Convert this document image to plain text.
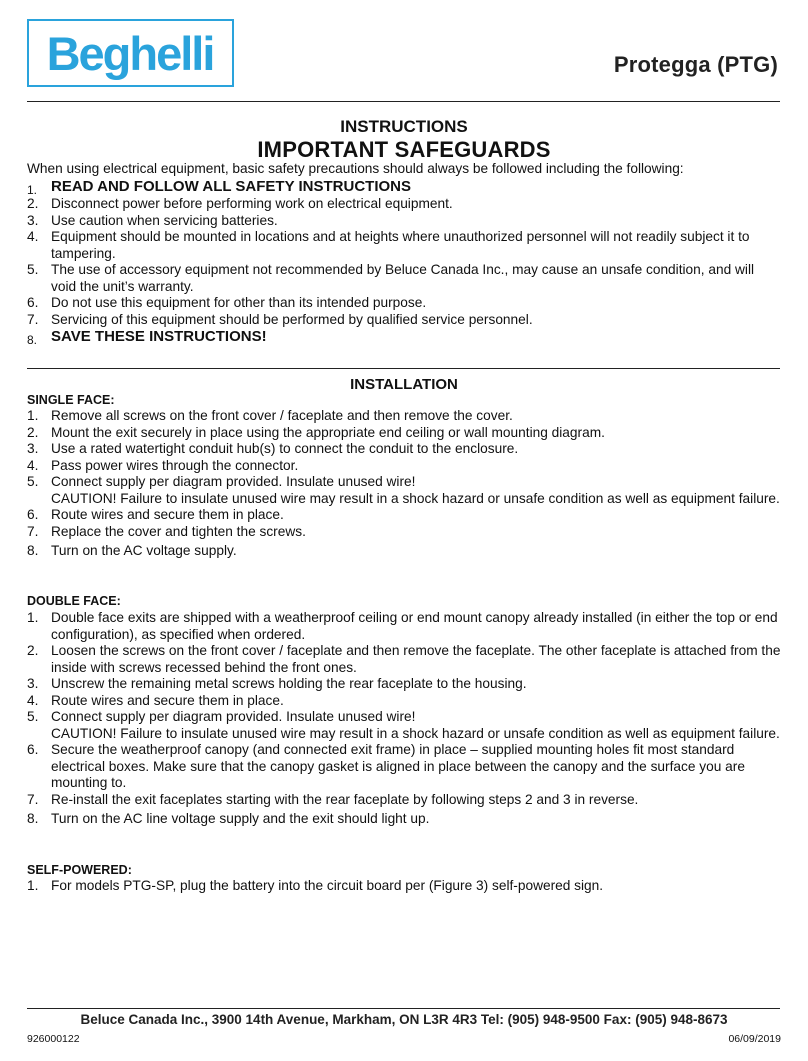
Beghelli	Protegga (PTG)
INSTRUCTIONS
IMPORTANT SAFEGUARDS
When using electrical equipment, basic safety precautions should always be followed including the following:
1. READ AND FOLLOW ALL SAFETY INSTRUCTIONS
2. Disconnect power before performing work on electrical equipment.
3. Use caution when servicing batteries.
4. Equipment should be mounted in locations and at heights where unauthorized personnel will not readily subject it to tampering.
5. The use of accessory equipment not recommended by Beluce Canada Inc., may cause an unsafe condition, and will void the unit’s warranty.
6. Do not use this equipment for other than its intended purpose.
7. Servicing of this equipment should be performed by qualified service personnel.
8. SAVE THESE INSTRUCTIONS!
INSTALLATION
SINGLE FACE:
1. Remove all screws on the front cover / faceplate and then remove the cover.
2. Mount the exit securely in place using the appropriate end ceiling or wall mounting diagram.
3. Use a rated watertight conduit hub(s) to connect the conduit to the enclosure.
4. Pass power wires through the connector.
5. Connect supply per diagram provided. Insulate unused wire!
CAUTION! Failure to insulate unused wire may result in a shock hazard or unsafe condition as well as equipment failure.
6. Route wires and secure them in place.
7. Replace the cover and tighten the screws.
8. Turn on the AC voltage supply.
DOUBLE FACE:
1. Double face exits are shipped with a weatherproof ceiling or end mount canopy already installed (in either the top or end configuration), as specified when ordered.
2. Loosen the screws on the front cover / faceplate and then remove the faceplate. The other faceplate is attached from the inside with screws recessed behind the front ones.
3. Unscrew the remaining metal screws holding the rear faceplate to the housing.
4. Route wires and secure them in place.
5. Connect supply per diagram provided. Insulate unused wire!
CAUTION! Failure to insulate unused wire may result in a shock hazard or unsafe condition as well as equipment failure.
6. Secure the weatherproof canopy (and connected exit frame) in place – supplied mounting holes fit most standard electrical boxes. Make sure that the canopy gasket is aligned in place between the canopy and the surface you are mounting to.
7. Re-install the exit faceplates starting with the rear faceplate by following steps 2 and 3 in reverse.
8. Turn on the AC line voltage supply and the exit should light up.
SELF-POWERED:
1. For models PTG-SP, plug the battery into the circuit board per (Figure 3) self-powered sign.
Beluce Canada Inc., 3900 14th Avenue, Markham, ON L3R 4R3 Tel: (905) 948-9500 Fax: (905) 948-8673
926000122	06/09/2019
